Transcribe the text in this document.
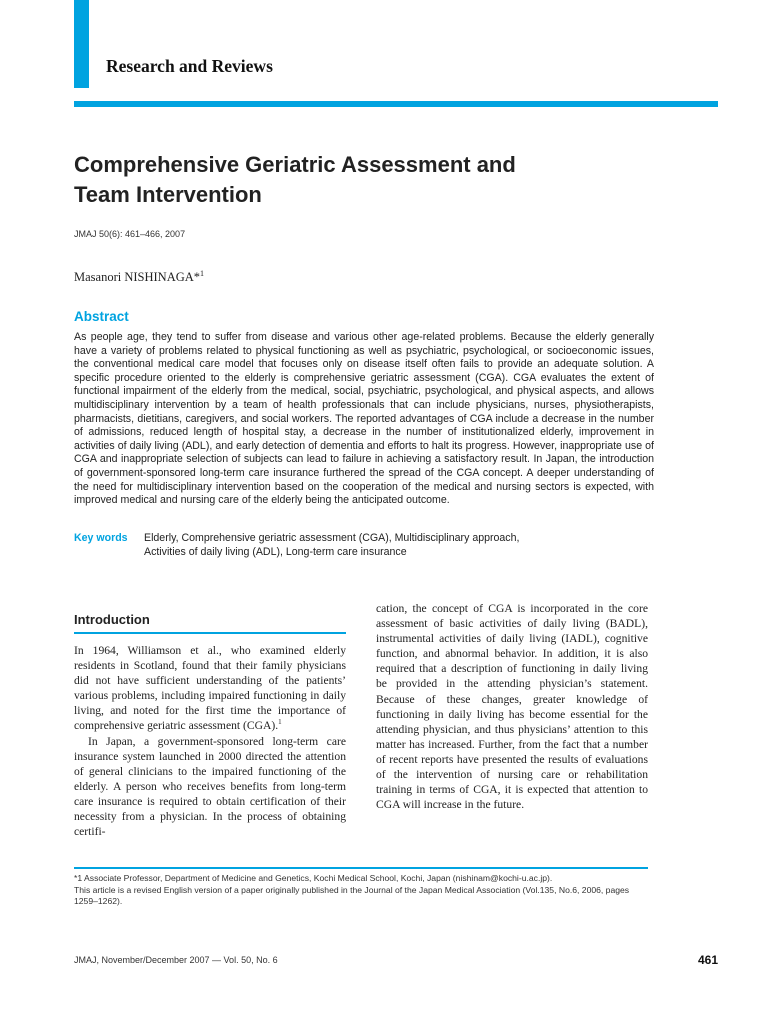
Research and Reviews
Comprehensive Geriatric Assessment and
Team Intervention

JMAJ 50(6): 461–466, 2007

Masanori NISHINAGA*$^1$

Abstract

As people age, they tend to suffer from disease and various other age-related problems. Because the elderly generally have a variety of problems related to physical functioning as well as psychiatric, psychological, or socioeconomic issues, the conventional medical care model that focuses only on disease itself often fails to provide an adequate solution. A specific procedure oriented to the elderly is comprehensive geriatric assessment (CGA). CGA evaluates the extent of functional impairment of the elderly from the medical, social, psychiatric, psychological, and physical aspects, and allows multidisciplinary intervention by a team of health professionals that can include physicians, nurses, physiotherapists, pharmacists, dietitians, caregivers, and social workers. The reported advantages of CGA include a decrease in the number of admissions, reduced length of hospital stay, a decrease in the number of institutionalized elderly, improvement in activities of daily living (ADL), and early detection of dementia and efforts to halt its progress. However, inappropriate use of CGA and inappropriate selection of subjects can lead to failure in achieving a satisfactory result. In Japan, the introduction of government-sponsored long-term care insurance furthered the spread of the CGA concept. A deeper understanding of the need for multidisciplinary intervention based on the cooperation of the medical and nursing sectors is expected, with improved medical and nursing care of the elderly being the anticipated outcome.

Key words Elderly, Comprehensive geriatric assessment (CGA), Multidisciplinary approach,
Activities of daily living (ADL), Long-term care insurance
Introduction

In 1964, Williamson et al., who examined elderly residents in Scotland, found that their family physicians did not have sufficient understanding of the patients’ various problems, including impaired functioning in daily living, and noted for the first time the importance of comprehensive geriatric assessment (CGA).$^1$

In Japan, a government-sponsored long-term care insurance system launched in 2000 directed the attention of general clinicians to the impaired functioning of the elderly. A person who receives benefits from long-term care insurance is required to obtain certification of their necessity from a physician. In the process of obtaining certifi-

cation, the concept of CGA is incorporated in the core assessment of basic activities of daily living (BADL), instrumental activities of daily living (IADL), cognitive function, and abnormal behavior. In addition, it is also required that a description of functioning in daily living be provided in the attending physician’s statement. Because of these changes, greater knowledge of functioning in daily living has become essential for the attending physician, and thus physicians’ attention to this matter has increased. Further, from the fact that a number of recent reports have presented the results of evaluations of the intervention of nursing care or rehabilitation training in terms of CGA, it is expected that attention to CGA will increase in the future.

*1 Associate Professor, Department of Medicine and Genetics, Kochi Medical School, Kochi, Japan (nishinam@kochi-u.ac.jp).

This article is a revised English version of a paper originally published in the Journal of the Japan Medical Association (Vol.135, No.6, 2006, pages 1259–1262).

JMAJ, November/December 2007 — Vol. 50, No. 6	461
